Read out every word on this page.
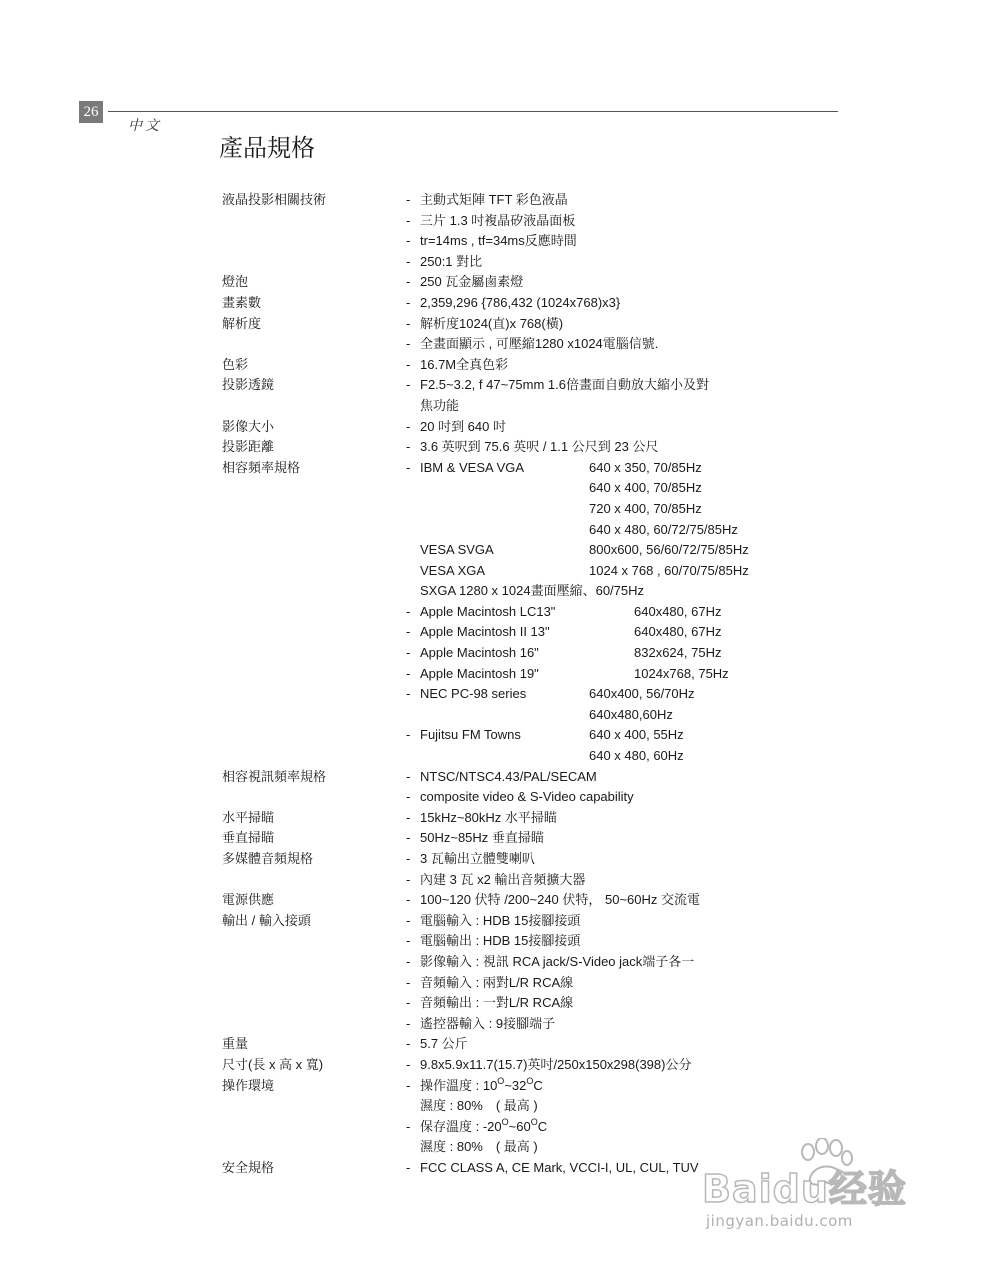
26
中文
產品規格
液晶投影相關技術	- 主動式矩陣 TFT 彩色液晶
- 三片 1.3 吋複晶矽液晶面板
- tr=14ms , tf=34ms反應時間
- 250:1 對比
燈泡	- 250 瓦金屬鹵素燈
畫素數	- 2,359,296 {786,432 (1024x768)x3}
解析度	- 解析度1024(直)x 768(橫)
- 全畫面顯示 , 可壓縮1280 x1024電腦信號.
色彩	- 16.7M全真色彩
投影透鏡	- F2.5~3.2, f 47~75mm 1.6倍畫面自動放大縮小及對
焦功能
影像大小	- 20 吋到 640 吋
投影距離	- 3.6 英呎到 75.6 英呎 / 1.1 公尺到 23 公尺
相容頻率規格	- IBM & VESA VGA	640 x 350, 70/85Hz
640 x 400, 70/85Hz
720 x 400, 70/85Hz
640 x 480, 60/72/75/85Hz
VESA SVGA	800x600, 56/60/72/75/85Hz
VESA XGA	1024 x 768 , 60/70/75/85Hz
SXGA 1280 x 1024畫面壓縮、60/75Hz
- Apple Macintosh LC13"	640x480, 67Hz
- Apple Macintosh II 13"	640x480, 67Hz
- Apple Macintosh 16"	832x624, 75Hz
- Apple Macintosh 19"	1024x768, 75Hz
- NEC PC-98 series	640x400, 56/70Hz
640x480,60Hz
- Fujitsu FM Towns	640 x 400, 55Hz
640 x 480, 60Hz
相容視訊頻率規格	- NTSC/NTSC4.43/PAL/SECAM
- composite video & S-Video capability
水平掃瞄	- 15kHz~80kHz 水平掃瞄
垂直掃瞄	- 50Hz~85Hz 垂直掃瞄
多媒體音頻規格	- 3 瓦輸出立體雙喇叭
- 內建 3 瓦 x2 輸出音頻擴大器
電源供應	- 100~120 伏特 /200~240 伏特， 50~60Hz 交流電
輸出 / 輸入接頭	- 電腦輸入 : HDB 15接腳接頭
- 電腦輸出 : HDB 15接腳接頭
- 影像輸入 : 視訊 RCA jack/S-Video jack端子各一
- 音頻輸入 : 兩對L/R RCA線
- 音頻輸出 : 一對L/R RCA線
- 遙控器輸入 : 9接腳端子
重量	- 5.7 公斤
尺寸(長 x 高 x 寬)	- 9.8x5.9x11.7(15.7)英吋/250x150x298(398)公分
操作環境	- 操作溫度 : $10^O\sim 32^OC$
濕度 : 80%　( 最高 )
- 保存溫度 : $-20^O\sim 60^OC$
濕度 : 80%　( 最高 )
安全規格	- FCC CLASS A, CE Mark, VCCI-I, UL, CUL, TUV Baidu经验
jingyan.baidu.com
